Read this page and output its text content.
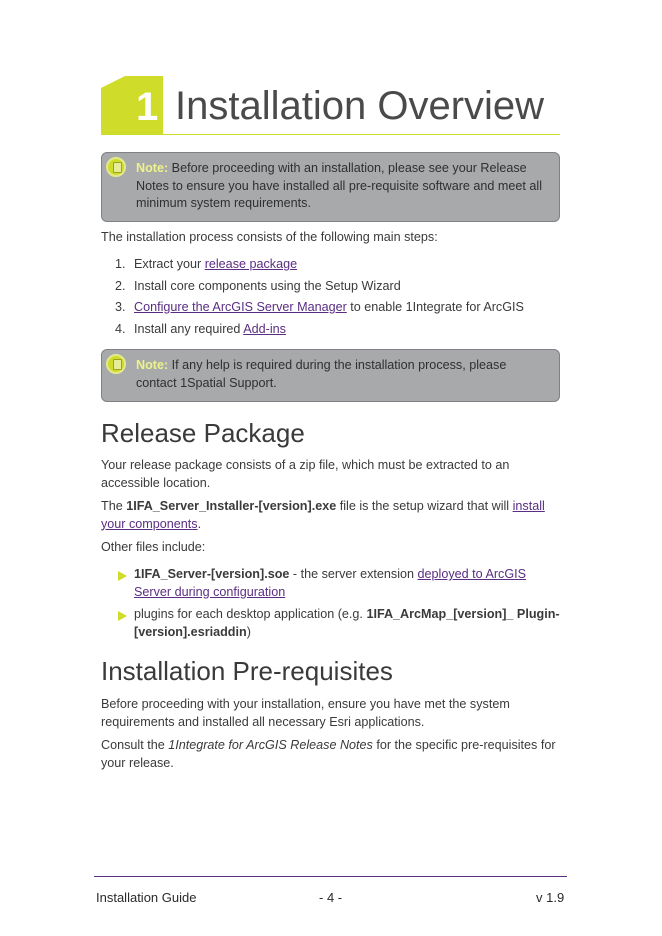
1 Installation Overview
Note: Before proceeding with an installation, please see your Release Notes to ensure you have installed all pre-requisite software and meet all minimum system requirements.
The installation process consists of the following main steps:
1. Extract your release package
2. Install core components using the Setup Wizard
3. Configure the ArcGIS Server Manager to enable 1Integrate for ArcGIS
4. Install any required Add-ins
Note: If any help is required during the installation process, please contact 1Spatial Support.
Release Package
Your release package consists of a zip file, which must be extracted to an accessible location.
The 1IFA_Server_Installer-[version].exe file is the setup wizard that will install your components.
Other files include:
1IFA_Server-[version].soe - the server extension deployed to ArcGIS Server during configuration
plugins for each desktop application (e.g. 1IFA_ArcMap_[version]_ Plugin-[version].esriaddin)
Installation Pre-requisites
Before proceeding with your installation, ensure you have met the system requirements and installed all necessary Esri applications.
Consult the 1Integrate for ArcGIS Release Notes for the specific pre-requisites for your release.
Installation Guide	- 4 -	v 1.9
